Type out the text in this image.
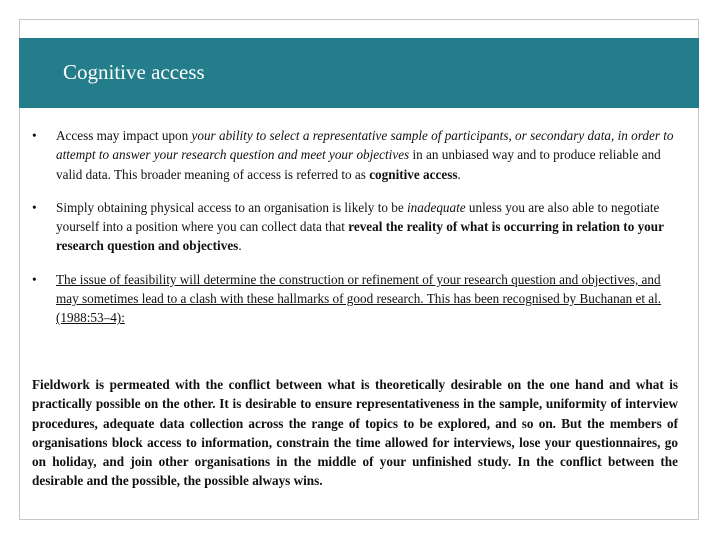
Cognitive access
• Access may impact upon your ability to select a representative sample of participants, or secondary data, in order to attempt to answer your research question and meet your objectives in an unbiased way and to produce reliable and valid data. This broader meaning of access is referred to as cognitive access.
• Simply obtaining physical access to an organisation is likely to be inadequate unless you are also able to negotiate yourself into a position where you can collect data that reveal the reality of what is occurring in relation to your research question and objectives.
• The issue of feasibility will determine the construction or refinement of your research question and objectives, and may sometimes lead to a clash with these hallmarks of good research. This has been recognised by Buchanan et al. (1988:53–4):
Fieldwork is permeated with the conflict between what is theoretically desirable on the one hand and what is practically possible on the other. It is desirable to ensure representativeness in the sample, uniformity of interview procedures, adequate data collection across the range of topics to be explored, and so on. But the members of organisations block access to information, constrain the time allowed for interviews, lose your questionnaires, go on holiday, and join other organisations in the middle of your unfinished study. In the conflict between the desirable and the possible, the possible always wins.
